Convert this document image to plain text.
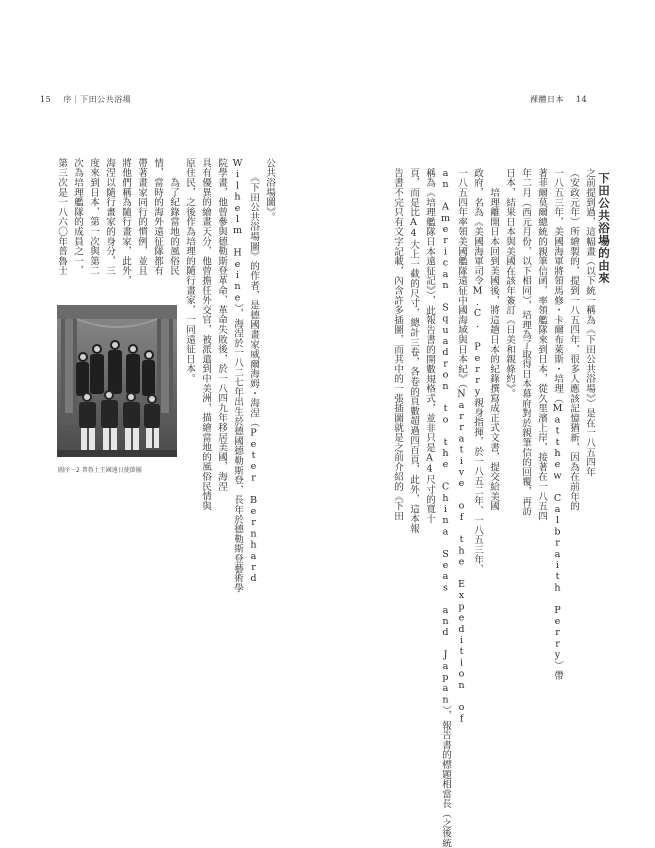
15 序｜下田公共浴場	裸體日本 14
下田公共浴場的由來
之前提到過，這幅畫（以下統一稱為《下田公共浴場》）是在一八五四年
（安政元年）所繪製的，提到一八五四年，很多人應該記憶猶新，因為在前年的
一八五三年，美國海軍將領馬修・卡爾布萊斯・培理（Matthew Calbraith Perry）帶
著菲爾莫爾總統的親筆信函，率領艦隊來到日本，從久里濱上岸，接著在一八五四
年二月（西元月份，以下相同），培理為了取得日本幕府對於親筆信的回覆，再訪
日本，結果日本與美國在該年簽訂《日美和親條約》。
　　培理離開日本回到美國後，將這趟日本的紀錄撰寫成正式文書，提交給美國
政府，名為《美國海軍司令M.C. Perry親身指揮，於一八五二年、一八五三年、
一八五四年率領美國艦隊遠征中國海域與日本紀》（Narrative of the Expedition of
an American Squadron to the China Seas and Japan），報告書的標題相當長（之後統
稱為《培理艦隊日本遠征記》），此報告書的開數規格式，並非只是A4尺寸的寬十
頁，而是比A4大上一截的尺寸，總計三卷，各卷的頁數超過四百頁，此外，這本報
告書不完只有文字記載，內含許多插圖，而其中的一張插圖就是之前介紹的《下田
公共浴場圖》。
　　《下田公共浴場圖》的作者，是德國畫家威爾海姆・海涅（Peter Bernhard
Wilhelm Heine），海涅於一八二七年出生於德國德勒斯登，長年於德勒斯登藝術學
院學畫，他曾參與德勒斯登革命，革命失敗後，於一八四九年移居美國，海涅
具有優異的繪畫天分，他曾擔任外交官，被派遣到中美洲，描繪當地的風俗民情與
原住民，之後作為培理的隨行畫家，一同遠征日本。
　　為了紀錄當地的風俗民
情，當時的海外遠征隊都有
帶著畫家同行的慣例，並且
將他們稱為隨行畫家，此外，
海涅以隨行畫家的身分，三
度來到日本，第一次與第二
次為培理艦隊的成員之一，
第三次是一八六〇年普魯士
圖序－2 普魯士王國遠日使節團
